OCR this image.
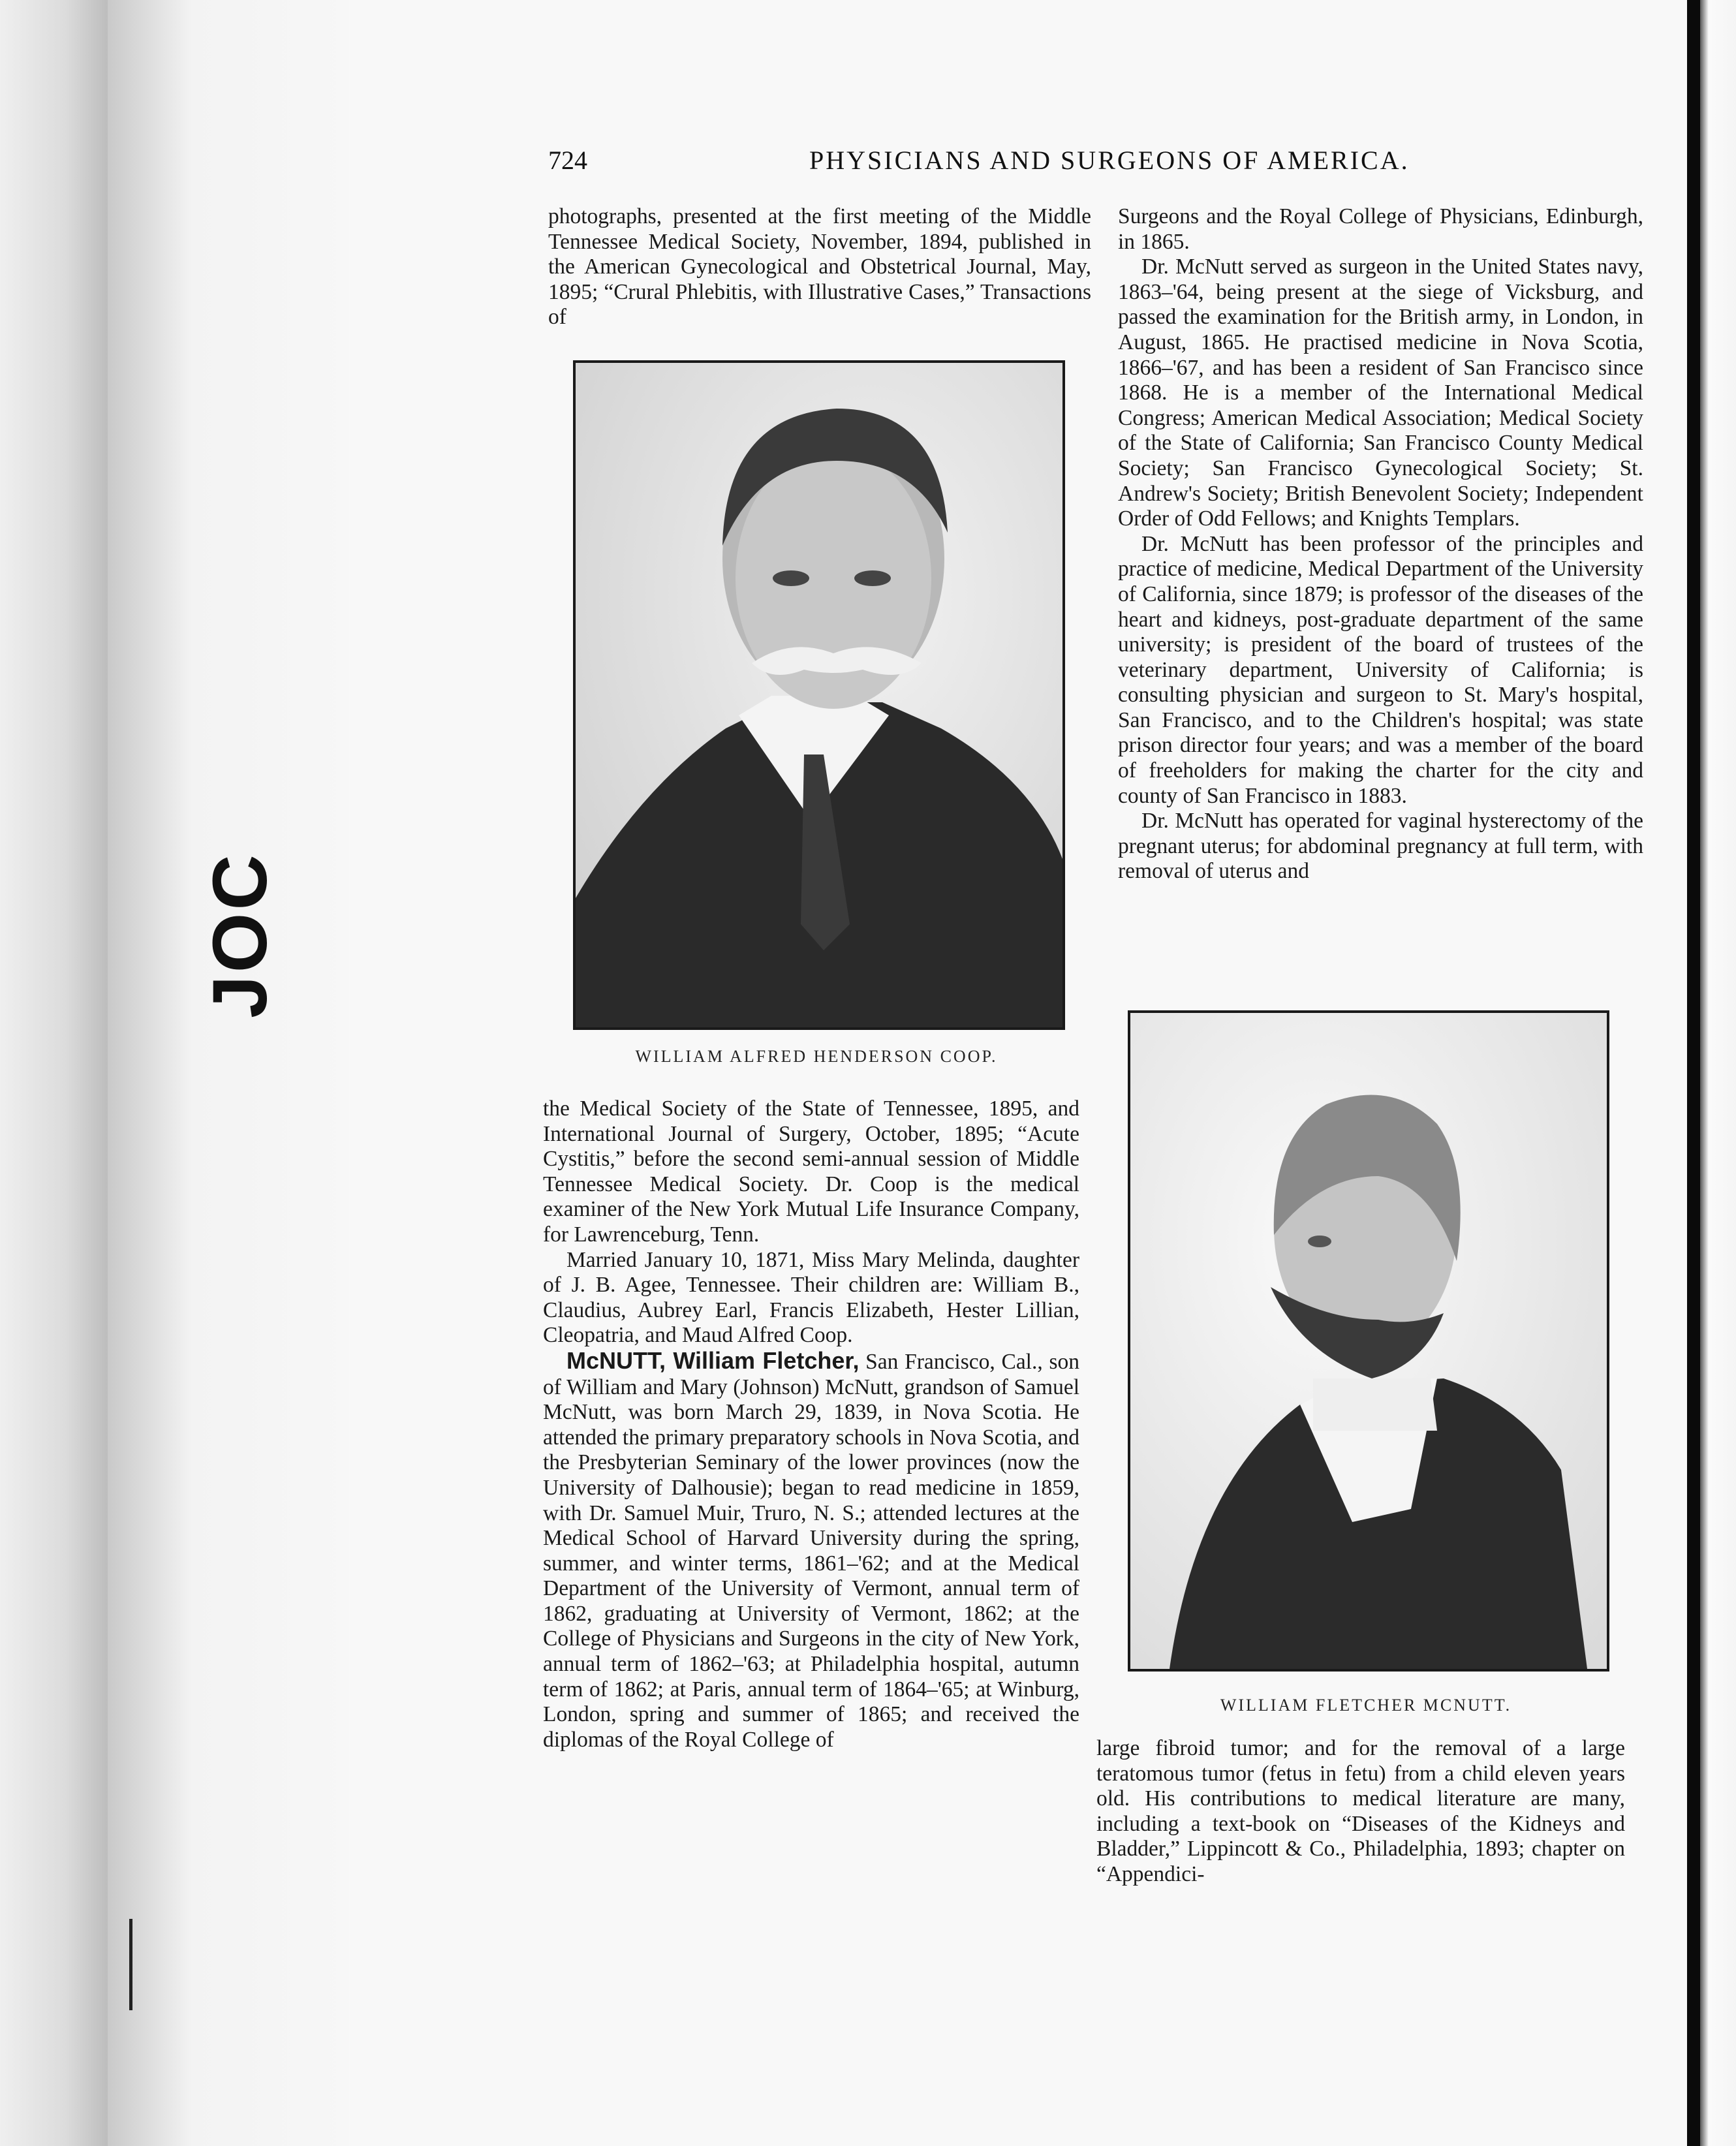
JOC
724	PHYSICIANS AND SURGEONS OF AMERICA.

photographs, presented at the first meeting of the Middle Tennessee Medical Society, November, 1894, published in the American Gynecological and Obstetrical Journal, May, 1895; “Crural Phlebitis, with Illustrative Cases,” Transactions of

WILLIAM ALFRED HENDERSON COOP.

the Medical Society of the State of Tennessee, 1895, and International Journal of Surgery, October, 1895; “Acute Cystitis,” before the second semi-annual session of Middle Tennessee Medical Society. Dr. Coop is the medical examiner of the New York Mutual Life Insurance Company, for Lawrenceburg, Tenn.

Married January 10, 1871, Miss Mary Melinda, daughter of J. B. Agee, Tennessee. Their children are: William B., Claudius, Aubrey Earl, Francis Elizabeth, Hester Lillian, Cleopatria, and Maud Alfred Coop.

McNUTT, William Fletcher, San Francisco, Cal., son of William and Mary (Johnson) McNutt, grandson of Samuel McNutt, was born March 29, 1839, in Nova Scotia. He attended the primary preparatory schools in Nova Scotia, and the Presbyterian Seminary of the lower provinces (now the University of Dalhousie); began to read medicine in 1859, with Dr. Samuel Muir, Truro, N. S.; attended lectures at the Medical School of Harvard University during the spring, summer, and winter terms, 1861–'62; and at the Medical Department of the University of Vermont, annual term of 1862, graduating at University of Vermont, 1862; at the College of Physicians and Surgeons in the city of New York, annual term of 1862–'63; at Philadelphia hospital, autumn term of 1862; at Paris, annual term of 1864–'65; at Winburg, London, spring and summer of 1865; and received the diplomas of the Royal College of

Surgeons and the Royal College of Physicians, Edinburgh, in 1865.

Dr. McNutt served as surgeon in the United States navy, 1863–'64, being present at the siege of Vicksburg, and passed the examination for the British army, in London, in August, 1865. He practised medicine in Nova Scotia, 1866–'67, and has been a resident of San Francisco since 1868. He is a member of the International Medical Congress; American Medical Association; Medical Society of the State of California; San Francisco County Medical Society; San Francisco Gynecological Society; St. Andrew's Society; British Benevolent Society; Independent Order of Odd Fellows; and Knights Templars.

Dr. McNutt has been professor of the principles and practice of medicine, Medical Department of the University of California, since 1879; is professor of the diseases of the heart and kidneys, post-graduate department of the same university; is president of the board of trustees of the veterinary department, University of California; is consulting physician and surgeon to St. Mary's hospital, San Francisco, and to the Children's hospital; was state prison director four years; and was a member of the board of freeholders for making the charter for the city and county of San Francisco in 1883.

Dr. McNutt has operated for vaginal hysterectomy of the pregnant uterus; for abdominal pregnancy at full term, with removal of uterus and

WILLIAM FLETCHER MCNUTT.

large fibroid tumor; and for the removal of a large teratomous tumor (fetus in fetu) from a child eleven years old. His contributions to medical literature are many, including a text-book on “Diseases of the Kidneys and Bladder,” Lippincott & Co., Philadelphia, 1893; chapter on “Appendici-
